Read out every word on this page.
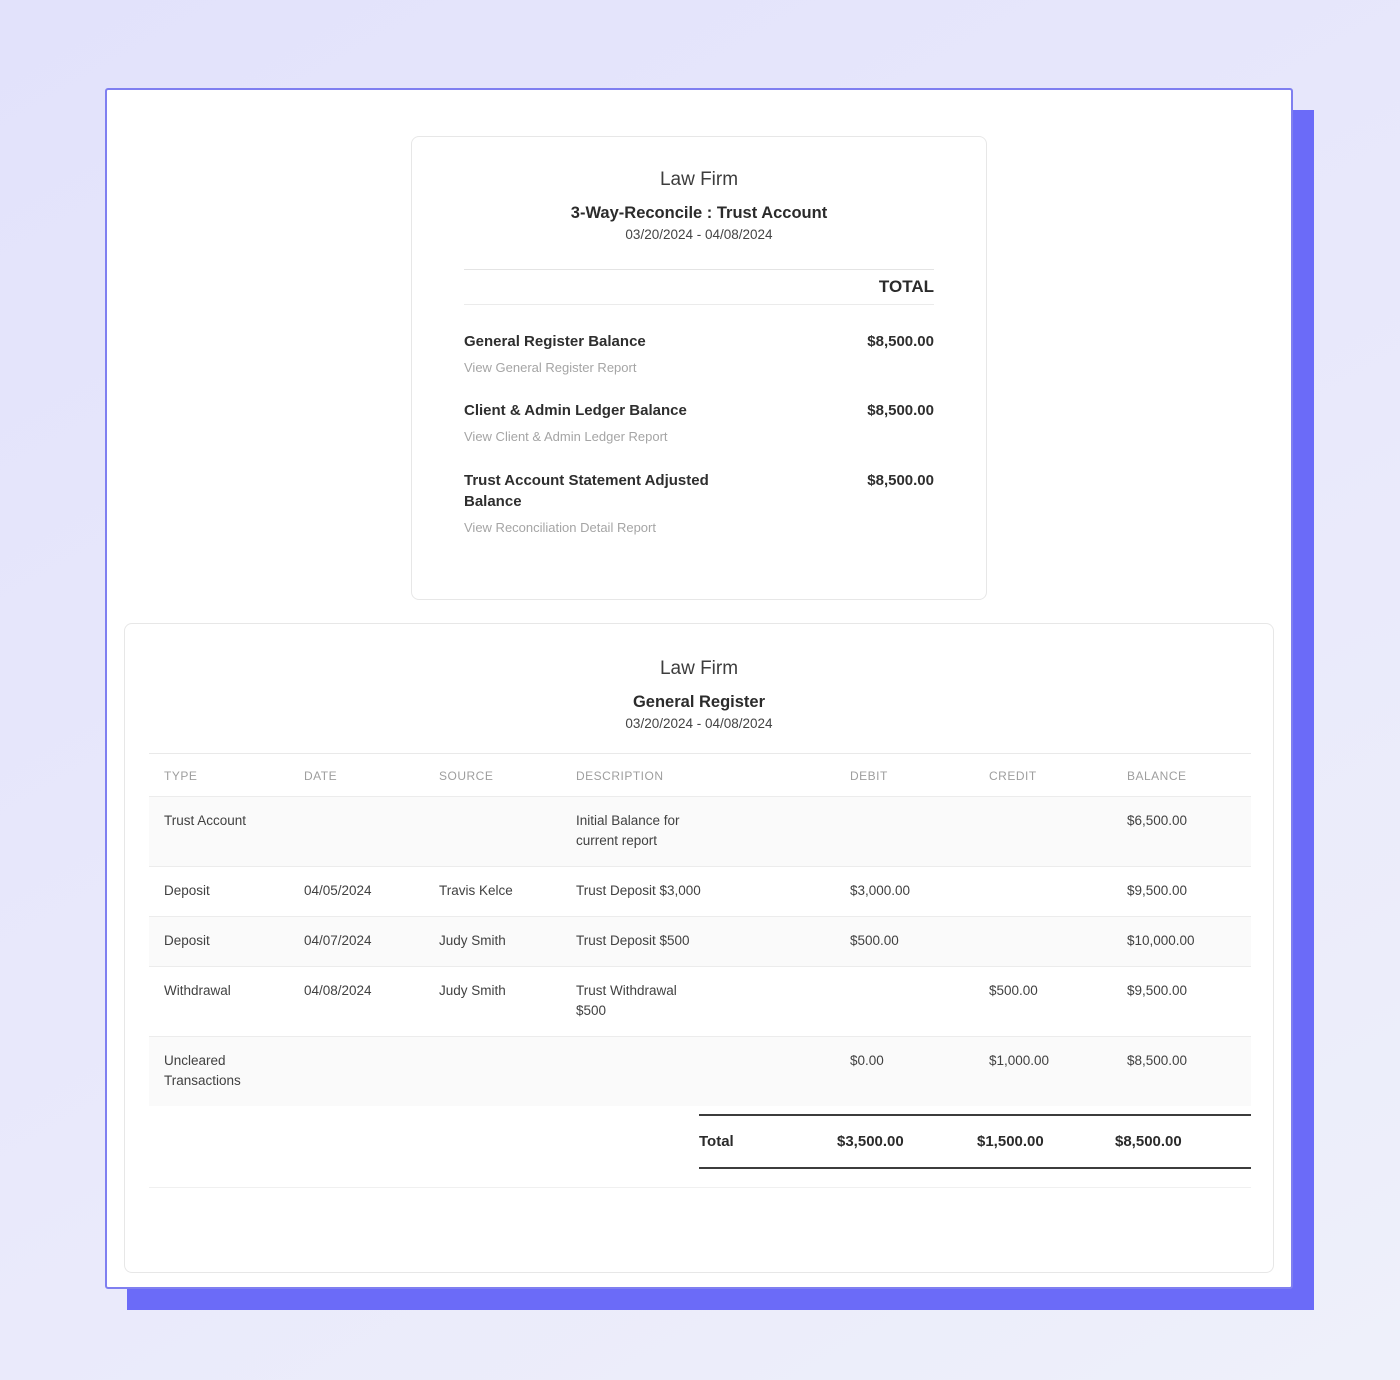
Law Firm
3-Way-Reconcile : Trust Account
03/20/2024 - 04/08/2024
TOTAL
General Register Balance	$8,500.00
View General Register Report
Client & Admin Ledger Balance	$8,500.00
View Client & Admin Ledger Report
Trust Account Statement Adjusted Balance
$8,500.00
View Reconciliation Detail Report
Law Firm
General Register
03/20/2024 - 04/08/2024
TYPE	DATE	SOURCE	DESCRIPTION	DEBIT	CREDIT	BALANCE

Trust Account			Initial Balance for current report			$6,500.00

Deposit	04/05/2024	Travis Kelce	Trust Deposit $3,000	$3,000.00		$9,500.00

Deposit	04/07/2024	Judy Smith	Trust Deposit $500	$500.00		$10,000.00

Withdrawal	04/08/2024	Judy Smith	Trust Withdrawal $500		$500.00	$9,500.00

Uncleared Transactions				$0.00	$1,000.00	$8,500.00
Total	$3,500.00	$1,500.00	$8,500.00
